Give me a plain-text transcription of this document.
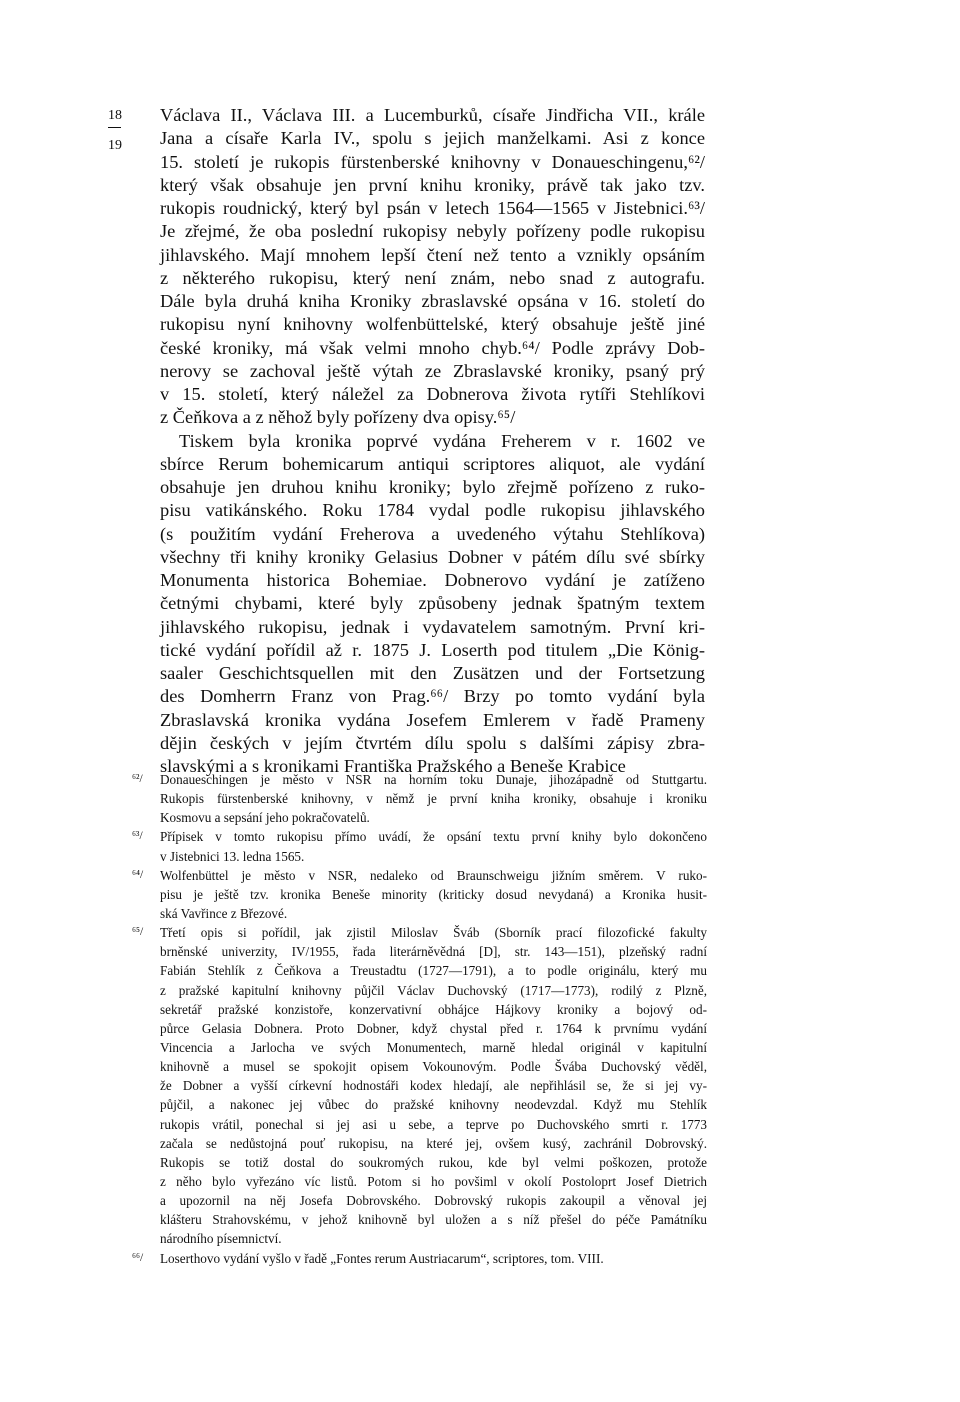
18
19
Václava II., Václava III. a Lucemburků, císaře Jindřicha VII., krále
Jana a císaře Karla IV., spolu s jejich manželkami. Asi z konce
15. století je rukopis fürstenberské knihovny v Donaueschingenu,⁶²/
který však obsahuje jen první knihu kroniky, právě tak jako tzv.
rukopis roudnický, který byl psán v letech 1564—1565 v Jistebnici.⁶³/
Je zřejmé, že oba poslední rukopisy nebyly pořízeny podle rukopisu
jihlavského. Mají mnohem lepší čtení než tento a vznikly opsáním
z některého rukopisu, který není znám, nebo snad z autografu.
Dále byla druhá kniha Kroniky zbraslavské opsána v 16. století do
rukopisu nyní knihovny wolfenbüttelské, který obsahuje ještě jiné
české kroniky, má však velmi mnoho chyb.⁶⁴/ Podle zprávy Dob-
nerovy se zachoval ještě výtah ze Zbraslavské kroniky, psaný prý
v 15. století, který náležel za Dobnerova života rytíři Stehlíkovi
z Čeňkova a z něhož byly pořízeny dva opisy.⁶⁵/
Tiskem byla kronika poprvé vydána Freherem v r. 1602 ve
sbírce Rerum bohemicarum antiqui scriptores aliquot, ale vydání
obsahuje jen druhou knihu kroniky; bylo zřejmě pořízeno z ruko-
pisu vatikánského. Roku 1784 vydal podle rukopisu jihlavského
(s použitím vydání Freherova a uvedeného výtahu Stehlíkova)
všechny tři knihy kroniky Gelasius Dobner v pátém dílu své sbírky
Monumenta historica Bohemiae. Dobnerovo vydání je zatíženo
četnými chybami, které byly způsobeny jednak špatným textem
jihlavského rukopisu, jednak i vydavatelem samotným. První kri-
tické vydání pořídil až r. 1875 J. Loserth pod titulem „Die König-
saaler Geschichtsquellen mit den Zusätzen und der Fortsetzung
des Domherrn Franz von Prag.⁶⁶/ Brzy po tomto vydání byla
Zbraslavská kronika vydána Josefem Emlerem v řadě Prameny
dějin českých v jejím čtvrtém dílu spolu s dalšími zápisy zbra-
slavskými a s kronikami Františka Pražského a Beneše Krabice
⁶²/ Donaueschingen je město v NSR na horním toku Dunaje, jihozápadně od Stuttgartu.
Rukopis fürstenberské knihovny, v němž je první kniha kroniky, obsahuje i kroniku
Kosmovu a sepsání jeho pokračovatelů.
⁶³/ Přípisek v tomto rukopisu přímo uvádí, že opsání textu první knihy bylo dokončeno
v Jistebnici 13. ledna 1565.
⁶⁴/ Wolfenbüttel je město v NSR, nedaleko od Braunschweigu jižním směrem. V ruko-
pisu je ještě tzv. kronika Beneše minority (kriticky dosud nevydaná) a Kronika husit-
ská Vavřince z Březové.
⁶⁵/ Třetí opis si pořídil, jak zjistil Miloslav Šváb (Sborník prací filozofické fakulty
brněnské univerzity, IV/1955, řada literárněvědná [D], str. 143—151), plzeňský radní
Fabián Stehlík z Čeňkova a Treustadtu (1727—1791), a to podle originálu, který mu
z pražské kapitulní knihovny půjčil Václav Duchovský (1717—1773), rodilý z Plzně,
sekretář pražské konzistoře, konzervativní obhájce Hájkovy kroniky a bojový od-
půrce Gelasia Dobnera. Proto Dobner, když chystal před r. 1764 k prvnímu vydání
Vincencia a Jarlocha ve svých Monumentech, marně hledal originál v kapitulní
knihovně a musel se spokojit opisem Vokounovým. Podle Švába Duchovský věděl,
že Dobner a vyšší církevní hodnostáři kodex hledají, ale nepřihlásil se, že si jej vy-
půjčil, a nakonec jej vůbec do pražské knihovny neodevzdal. Když mu Stehlík
rukopis vrátil, ponechal si jej asi u sebe, a teprve po Duchovského smrti r. 1773
začala se nedůstojná pouť rukopisu, na které jej, ovšem kusý, zachránil Dobrovský.
Rukopis se totiž dostal do soukromých rukou, kde byl velmi poškozen, protože
z něho bylo vyřezáno víc listů. Potom si ho povšiml v okolí Postoloprt Josef Dietrich
a upozornil na něj Josefa Dobrovského. Dobrovský rukopis zakoupil a věnoval jej
klášteru Strahovskému, v jehož knihovně byl uložen a s níž přešel do péče Památníku
národního písemnictví.
⁶⁶/ Loserthovo vydání vyšlo v řadě „Fontes rerum Austriacarum“, scriptores, tom. VIII.
